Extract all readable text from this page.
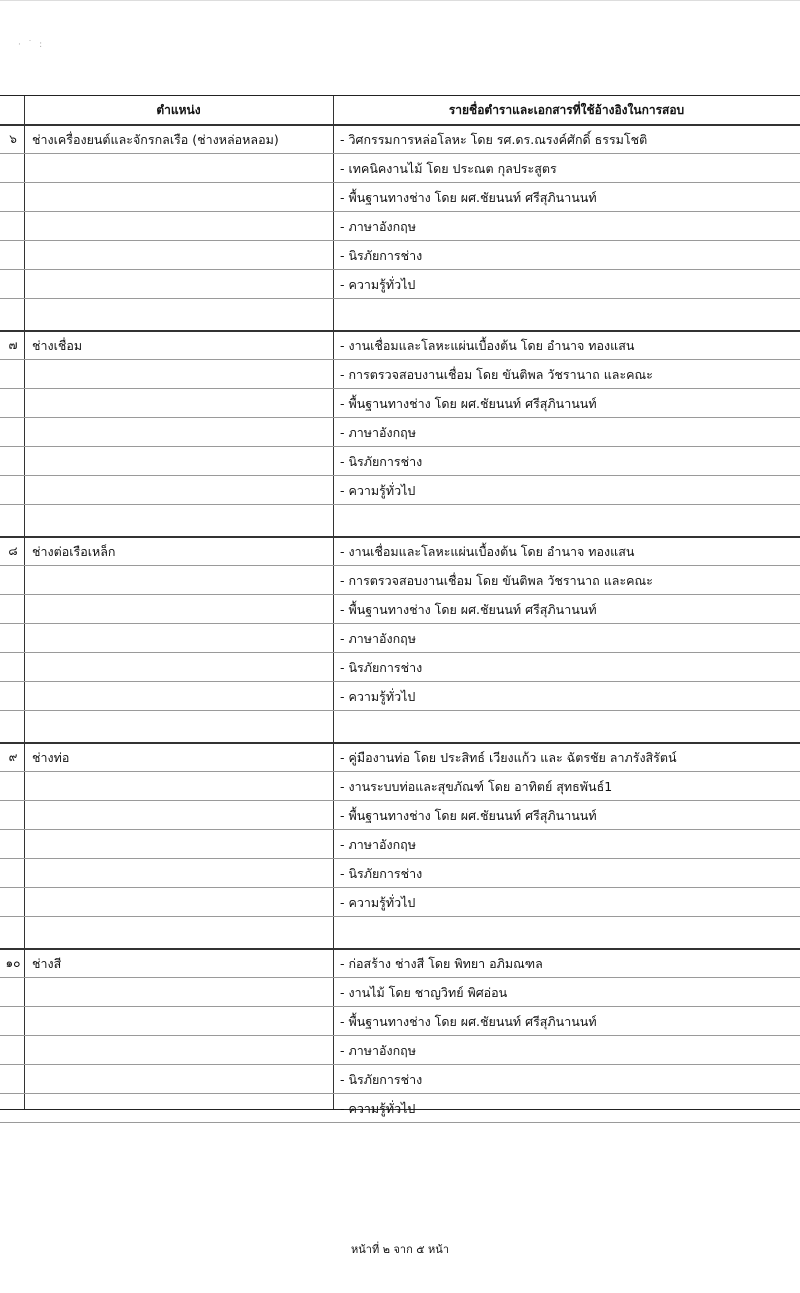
· ˙ :
ตำแหน่ง	รายชื่อตำราและเอกสารที่ใช้อ้างอิงในการสอบ
๖	ช่างเครื่องยนต์และจักรกลเรือ (ช่างหล่อหลอม)	- วิศกรรมการหล่อโลหะ โดย รศ.ดร.ณรงค์ศักดิ์ ธรรมโชติ
- เทคนิคงานไม้ โดย ประณต กุลประสูตร
- พื้นฐานทางช่าง โดย ผศ.ชัยนนท์ ศรีสุภินานนท์
- ภาษาอังกฤษ
- นิรภัยการช่าง
- ความรู้ทั่วไป
๗	ช่างเชื่อม	- งานเชื่อมและโลหะแผ่นเบื้องต้น โดย อำนาจ ทองแสน
- การตรวจสอบงานเชื่อม โดย ขันติพล วัชรานาถ และคณะ
- พื้นฐานทางช่าง โดย ผศ.ชัยนนท์ ศรีสุภินานนท์
- ภาษาอังกฤษ
- นิรภัยการช่าง
- ความรู้ทั่วไป
๘	ช่างต่อเรือเหล็ก	- งานเชื่อมและโลหะแผ่นเบื้องต้น โดย อำนาจ ทองแสน
- การตรวจสอบงานเชื่อม โดย ขันติพล วัชรานาถ และคณะ
- พื้นฐานทางช่าง โดย ผศ.ชัยนนท์ ศรีสุภินานนท์
- ภาษาอังกฤษ
- นิรภัยการช่าง
- ความรู้ทั่วไป
๙	ช่างท่อ	- คู่มืองานท่อ โดย ประสิทธ์ เวียงแก้ว และ ฉัตรชัย ลาภรังสิรัตน์
- งานระบบท่อและสุขภัณฑ์ โดย อาทิตย์ สุทธพันธ์1
- พื้นฐานทางช่าง โดย ผศ.ชัยนนท์ ศรีสุภินานนท์
- ภาษาอังกฤษ
- นิรภัยการช่าง
- ความรู้ทั่วไป
๑๐ ช่างสี	- ก่อสร้าง ช่างสี โดย พิทยา อภิมณฑล
- งานไม้ โดย ชาญวิทย์ พิศอ่อน
- พื้นฐานทางช่าง โดย ผศ.ชัยนนท์ ศรีสุภินานนท์
- ภาษาอังกฤษ
- นิรภัยการช่าง
- ความรู้ทั่วไป
หน้าที่ ๒ จาก ๕ หน้า
